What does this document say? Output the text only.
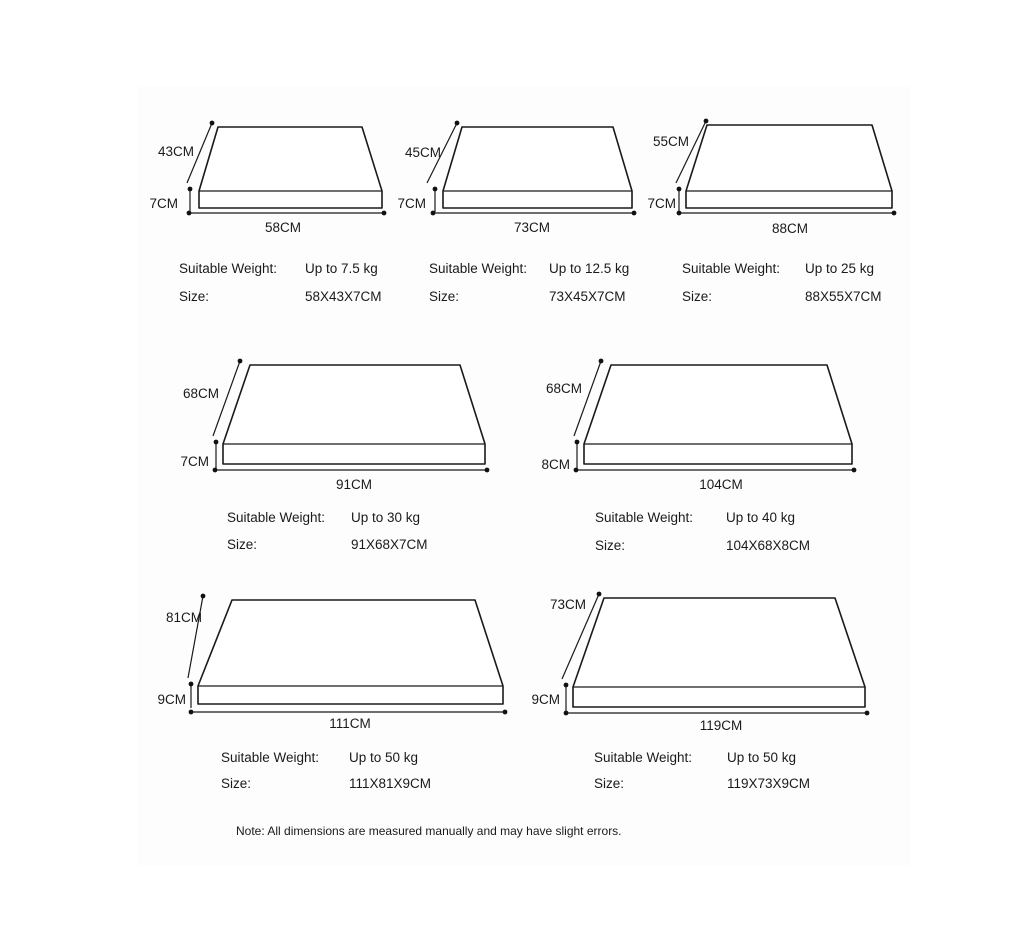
43CM
7CM
58CM
Suitable Weight: Up to 7.5 kg
Size:	58X43X7CM
45CM
7CM
73CM
Suitable Weight: Up to 12.5 kg
Size:	73X45X7CM
55CM
7CM
88CM
Suitable Weight: Up to 25 kg
Size:	88X55X7CM
68CM
7CM
91CM
Suitable Weight: Up to 30 kg
Size:	91X68X7CM
68CM
8CM
104CM
Suitable Weight: Up to 40 kg
Size:	104X68X8CM
81CM
9CM
111CM
Suitable Weight: Up to 50 kg
Size:	111X81X9CM
73CM
9CM
119CM
Suitable Weight:	Up to 50 kg
Size:	119X73X9CM
Note: All dimensions are measured manually and may have slight errors.
